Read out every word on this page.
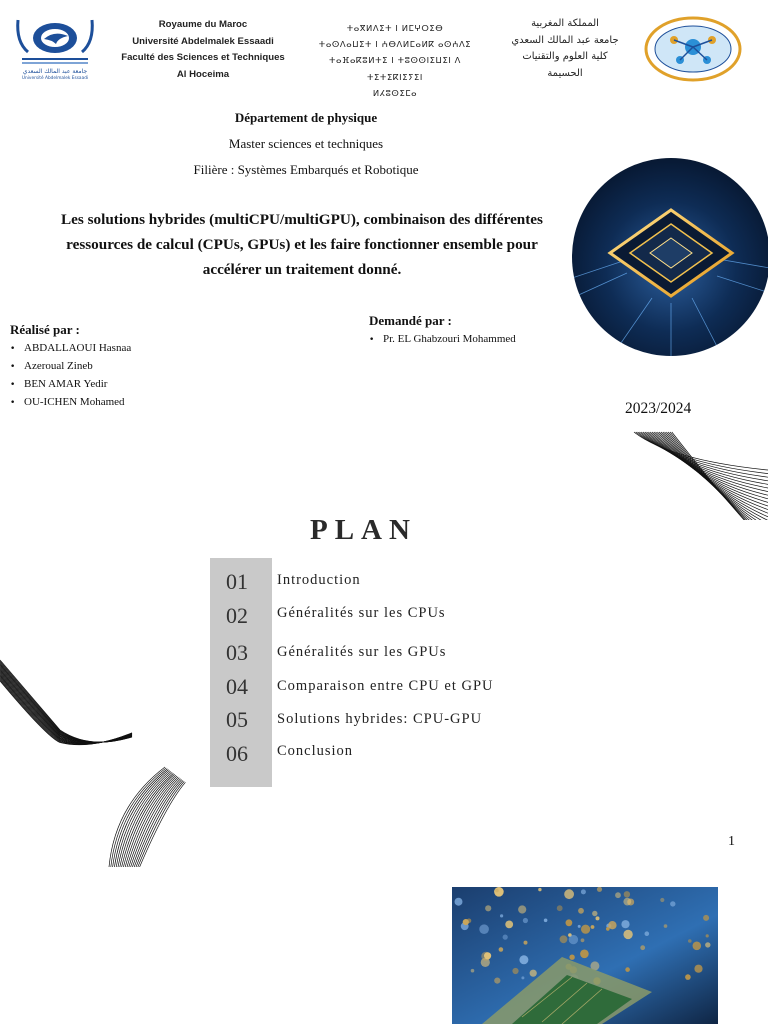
جامعة عبد المالك السعدي
Université Abdelmalek Essaadi
Royaume du Maroc
Université Abdelmalek Essaadi
Faculté des Sciences et Techniques
Al Hoceima
ⵜⴰⴳⵍⴷⵉⵜ ⵏ ⵍⵎⵖⵔⵉⴱ
ⵜⴰⵙⴷⴰⵡⵉⵜ ⵏ ⵄⴱⴷⵍⵎⴰⵍⴽ ⴰⵙⵄⴷⵉ
ⵜⴰⴼⴰⴽⵓⵍⵜⵉ ⵏ ⵜⵓⵙⵙⵏⵉⵡⵉⵏ ⴷ ⵜⵉⵜⵉⴽⵏⵉⵢⵉⵏ
ⵍⵃⵓⵙⵉⵎⴰ
المملكة المغربية
جامعة عبد المالك السعدي
كلية العلوم والتقنيات
الحسيمة
Département de physique
Master sciences et techniques
Filière : Systèmes Embarqués et Robotique
Les solutions hybrides (multiCPU/multiGPU), combinaison des différentes
ressources de calcul (CPUs, GPUs) et les faire fonctionner ensemble pour
accélérer un traitement donné.
Réalisé par :
• ABDALLAOUI Hasnaa
• Azeroual Zineb
• BEN AMAR Yedir
• OU-ICHEN Mohamed
Demandé par :
• Pr. EL Ghabzouri Mohammed
2023/2024
PLAN
01	Introduction
02	Généralités sur les CPUs
03	Généralités sur les GPUs
04	Comparaison entre CPU et GPU
05	Solutions hybrides: CPU-GPU
06	Conclusion
1
